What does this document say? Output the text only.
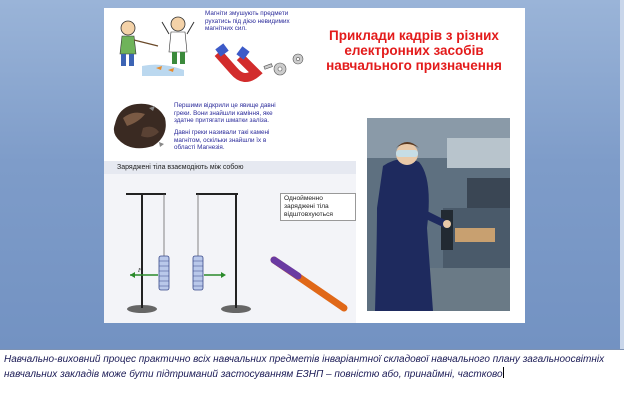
Магніти змушують предмети рухатись під дією невидимих магнітних сил.	Приклади кадрів з різних електронних засобів навчального призначення
Першими відкрили це явище давні греки. Вони знайшли каміння, яке здатне притягати шматки заліза.
Давні греки називали такі камені магнітом, оскільки знайшли їх в області Магнезія.
Заряджені тіла взаємодіють між собою
Однойменно заряджені тіла відштовхуються
F
Навчально-виховний процес практично всіх навчальних предметів інваріантної складової навчального плану загальноосвітніх навчальних закладів може бути підтриманий застосуванням ЕЗНП – повністю або, принаймні, частково
